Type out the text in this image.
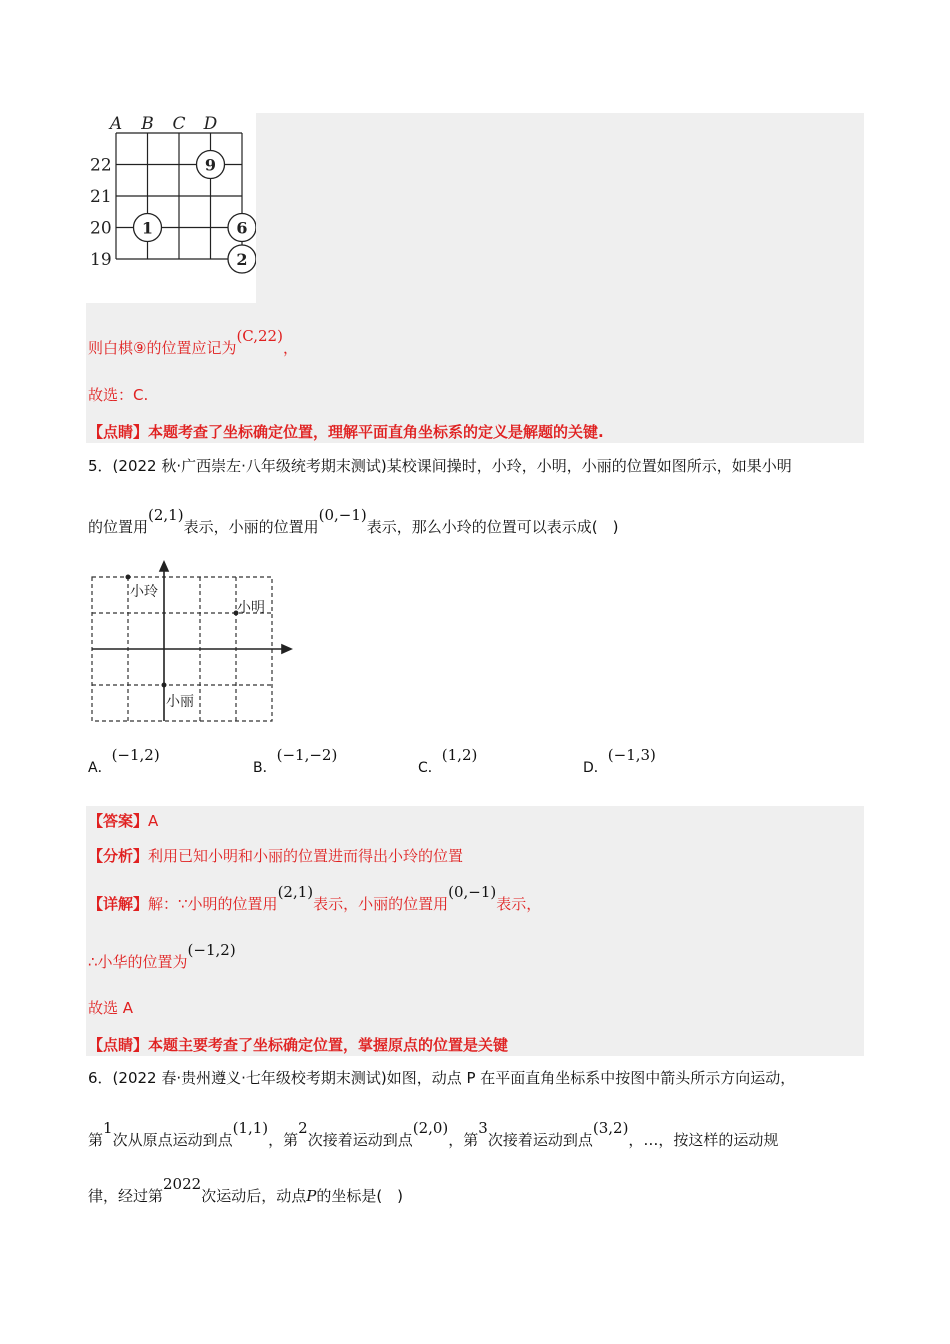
A B C D
22
21
20
19
9
1	6
2
则白棋⑨的位置应记为(C,22)，
故选：C.
【点睛】本题考查了坐标确定位置，理解平面直角坐标系的定义是解题的关键.
5．(2022 秋·广西崇左·八年级统考期末测试)某校课间操时，小玲，小明，小丽的位置如图所示，如果小明
的位置用(2,1)表示，小丽的位置用(0,−1)表示，那么小玲的位置可以表示成(　)
小玲
小明
小丽
A．(−1,2)
B．(−1,−2)
C．(1,2)
D．(−1,3)
【答案】A
【分析】利用已知小明和小丽的位置进而得出小玲的位置
【详解】解：∵小明的位置用(2,1)表示，小丽的位置用(0,−1)表示，
∴小华的位置为(−1,2)
故选 A
【点睛】本题主要考查了坐标确定位置，掌握原点的位置是关键
6．(2022 春·贵州遵义·七年级校考期末测试)如图，动点 P 在平面直角坐标系中按图中箭头所示方向运动，
第1次从原点运动到点(1,1)，第2次接着运动到点(2,0)，第3次接着运动到点(3,2)，…，按这样的运动规
律，经过第2022次运动后，动点P的坐标是(　)
